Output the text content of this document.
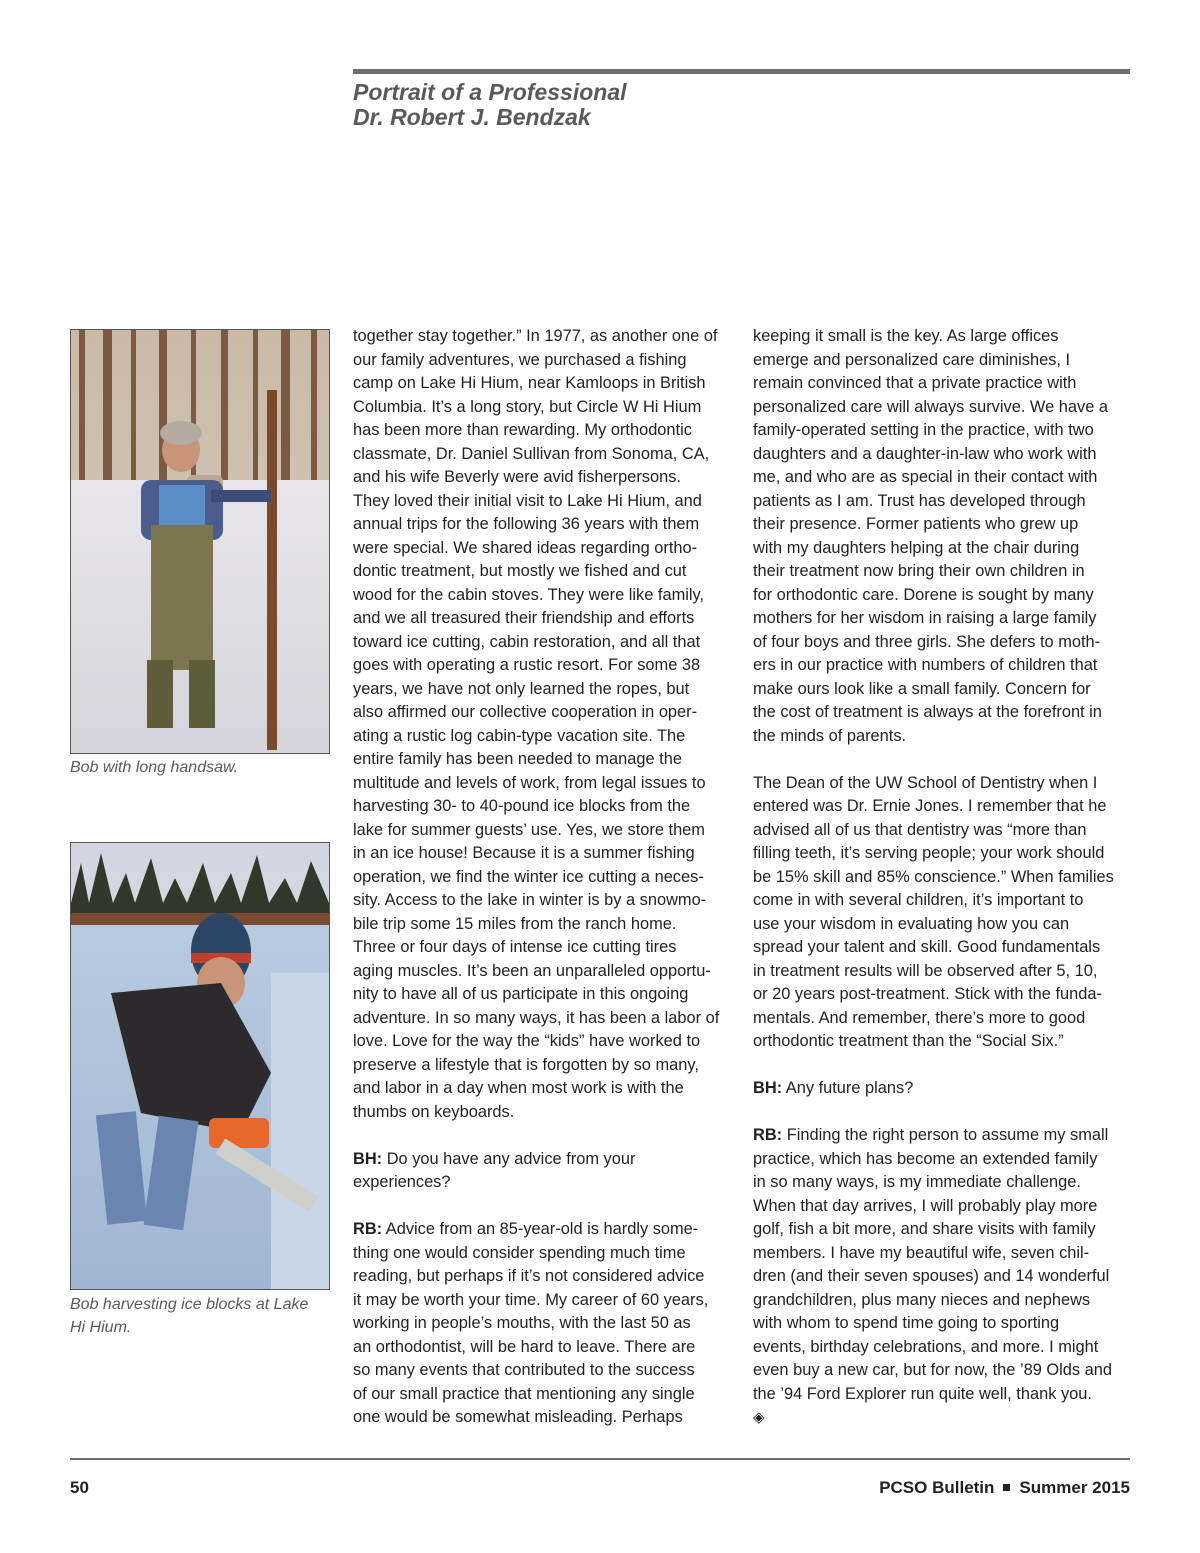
Portrait of a Professional
Dr. Robert J. Bendzak
Bob with long handsaw.
Bob harvesting ice blocks at Lake
Hi Hium.

together stay together.” In 1977, as another one of

our family adventures, we purchased a fishing

camp on Lake Hi Hium, near Kamloops in British

Columbia. It’s a long story, but Circle W Hi Hium

has been more than rewarding. My orthodontic

classmate, Dr. Daniel Sullivan from Sonoma, CA,

and his wife Beverly were avid fisherpersons.

They loved their initial visit to Lake Hi Hium, and

annual trips for the following 36 years with them

were special. We shared ideas regarding ortho-

dontic treatment, but mostly we fished and cut

wood for the cabin stoves. They were like family,

and we all treasured their friendship and efforts

toward ice cutting, cabin restoration, and all that

goes with operating a rustic resort. For some 38

years, we have not only learned the ropes, but

also affirmed our collective cooperation in oper-

ating a rustic log cabin-type vacation site. The

entire family has been needed to manage the

multitude and levels of work, from legal issues to

harvesting 30- to 40-pound ice blocks from the

lake for summer guests’ use. Yes, we store them

in an ice house! Because it is a summer fishing

operation, we find the winter ice cutting a neces-

sity. Access to the lake in winter is by a snowmo-

bile trip some 15 miles from the ranch home.

Three or four days of intense ice cutting tires

aging muscles. It’s been an unparalleled opportu-

nity to have all of us participate in this ongoing

adventure. In so many ways, it has been a labor of

love. Love for the way the “kids” have worked to

preserve a lifestyle that is forgotten by so many,

and labor in a day when most work is with the

thumbs on keyboards.

BH: Do you have any advice from your

experiences?

RB: Advice from an 85-year-old is hardly some-

thing one would consider spending much time

reading, but perhaps if it’s not considered advice

it may be worth your time. My career of 60 years,

working in people’s mouths, with the last 50 as

an orthodontist, will be hard to leave. There are

so many events that contributed to the success

of our small practice that mentioning any single

one would be somewhat misleading. Perhaps

keeping it small is the key. As large offices

emerge and personalized care diminishes, I

remain convinced that a private practice with

personalized care will always survive. We have a

family-operated setting in the practice, with two

daughters and a daughter-in-law who work with

me, and who are as special in their contact with

patients as I am. Trust has developed through

their presence. Former patients who grew up

with my daughters helping at the chair during

their treatment now bring their own children in

for orthodontic care. Dorene is sought by many

mothers for her wisdom in raising a large family

of four boys and three girls. She defers to moth-

ers in our practice with numbers of children that

make ours look like a small family. Concern for

the cost of treatment is always at the forefront in

the minds of parents.

The Dean of the UW School of Dentistry when I

entered was Dr. Ernie Jones. I remember that he

advised all of us that dentistry was “more than

filling teeth, it’s serving people; your work should

be 15% skill and 85% conscience.” When families

come in with several children, it’s important to

use your wisdom in evaluating how you can

spread your talent and skill. Good fundamentals

in treatment results will be observed after 5, 10,

or 20 years post-treatment. Stick with the funda-

mentals. And remember, there’s more to good

orthodontic treatment than the “Social Six.”

BH: Any future plans?

RB: Finding the right person to assume my small

practice, which has become an extended family

in so many ways, is my immediate challenge.

When that day arrives, I will probably play more

golf, fish a bit more, and share visits with family

members. I have my beautiful wife, seven chil-

dren (and their seven spouses) and 14 wonderful

grandchildren, plus many nieces and nephews

with whom to spend time going to sporting

events, birthday celebrations, and more. I might

even buy a new car, but for now, the ’89 Olds and

the ’94 Ford Explorer run quite well, thank you.

◈

50	PCSO Bulletin Summer 2015
